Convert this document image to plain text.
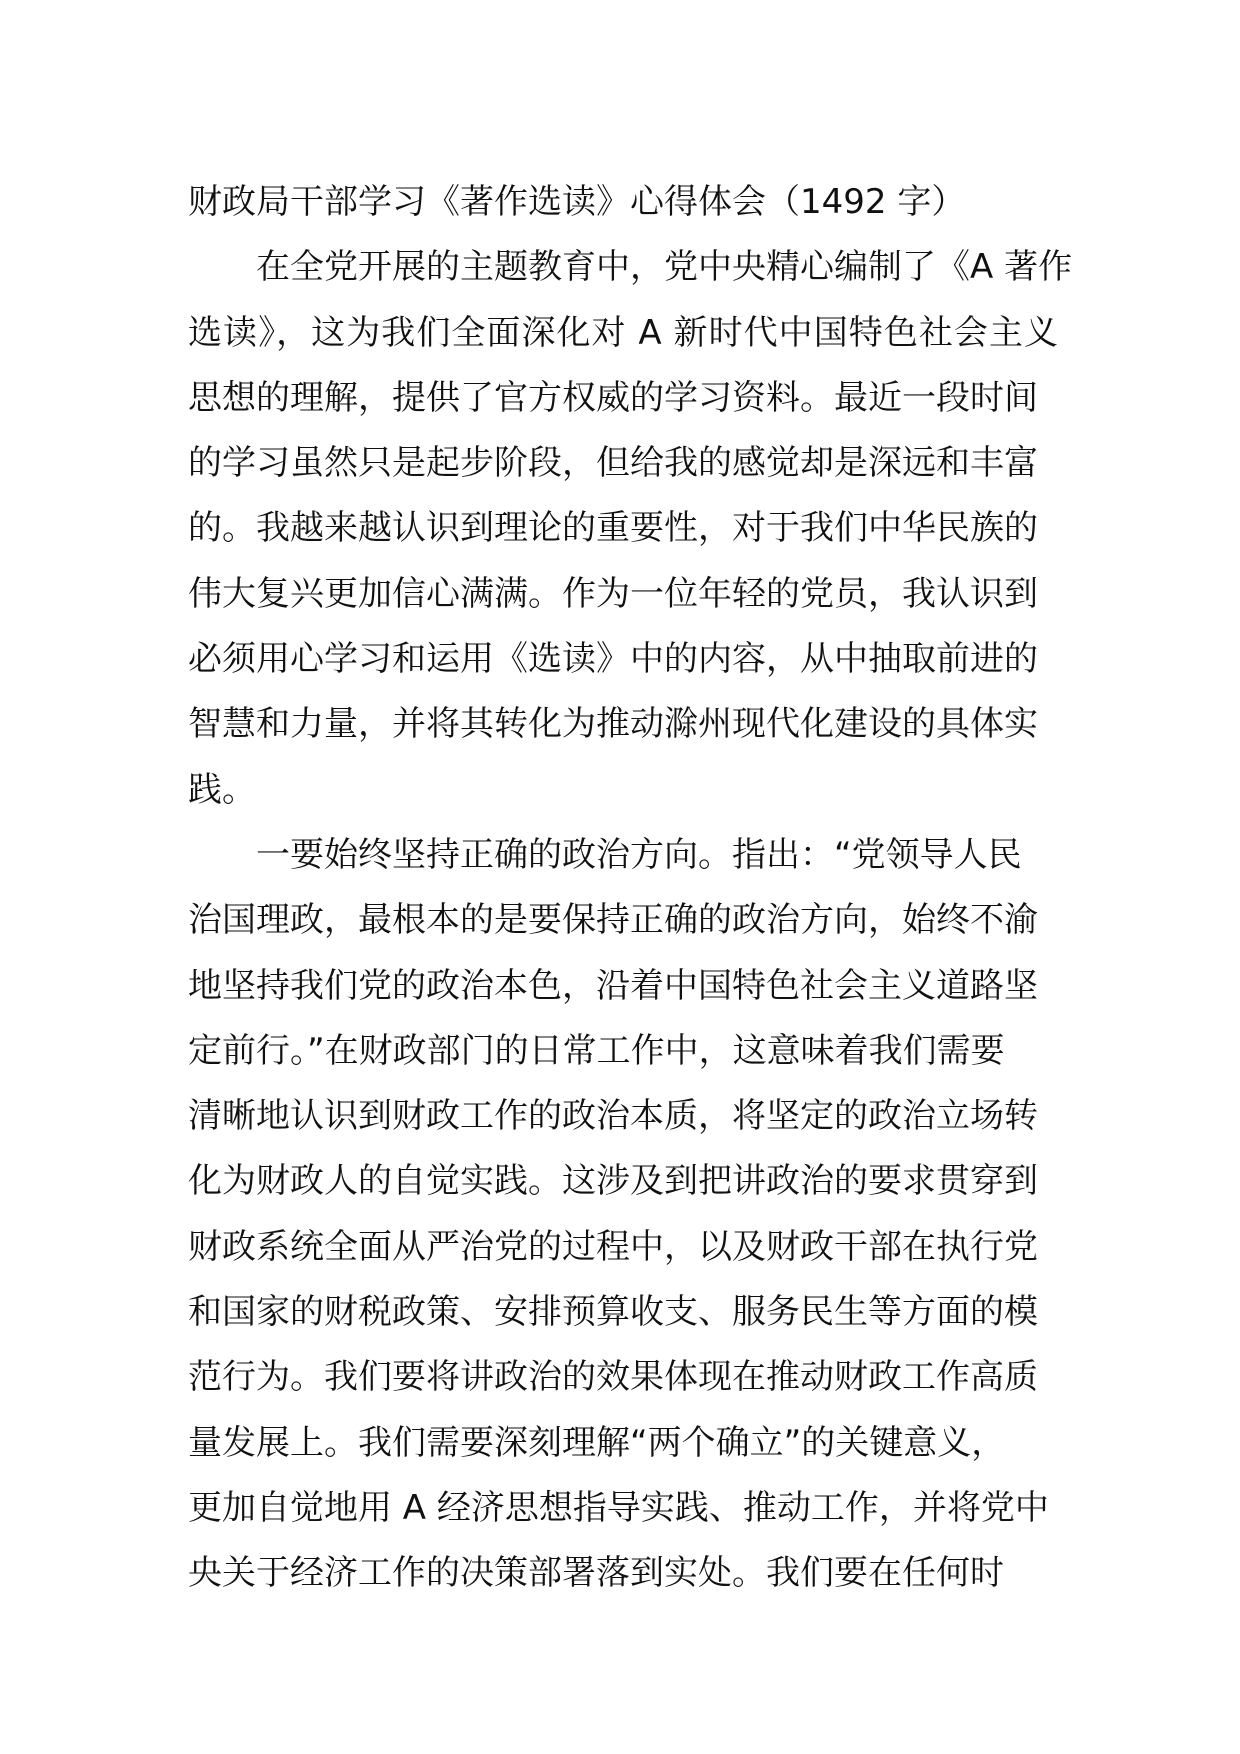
财政局干部学习《著作选读》心得体会（1492 字）
在全党开展的主题教育中，党中央精心编制了《A 著作
选读》，这为我们全面深化对 A 新时代中国特色社会主义
思想的理解，提供了官方权威的学习资料。最近一段时间
的学习虽然只是起步阶段，但给我的感觉却是深远和丰富
的。我越来越认识到理论的重要性，对于我们中华民族的
伟大复兴更加信心满满。作为一位年轻的党员，我认识到
必须用心学习和运用《选读》中的内容，从中抽取前进的
智慧和力量，并将其转化为推动滁州现代化建设的具体实
践。
一要始终坚持正确的政治方向。指出：“党领导人民
治国理政，最根本的是要保持正确的政治方向，始终不渝
地坚持我们党的政治本色，沿着中国特色社会主义道路坚
定前行。”在财政部门的日常工作中，这意味着我们需要
清晰地认识到财政工作的政治本质，将坚定的政治立场转
化为财政人的自觉实践。这涉及到把讲政治的要求贯穿到
财政系统全面从严治党的过程中，以及财政干部在执行党
和国家的财税政策、安排预算收支、服务民生等方面的模
范行为。我们要将讲政治的效果体现在推动财政工作高质
量发展上。我们需要深刻理解“两个确立”的关键意义，
更加自觉地用 A 经济思想指导实践、推动工作，并将党中
央关于经济工作的决策部署落到实处。我们要在任何时
